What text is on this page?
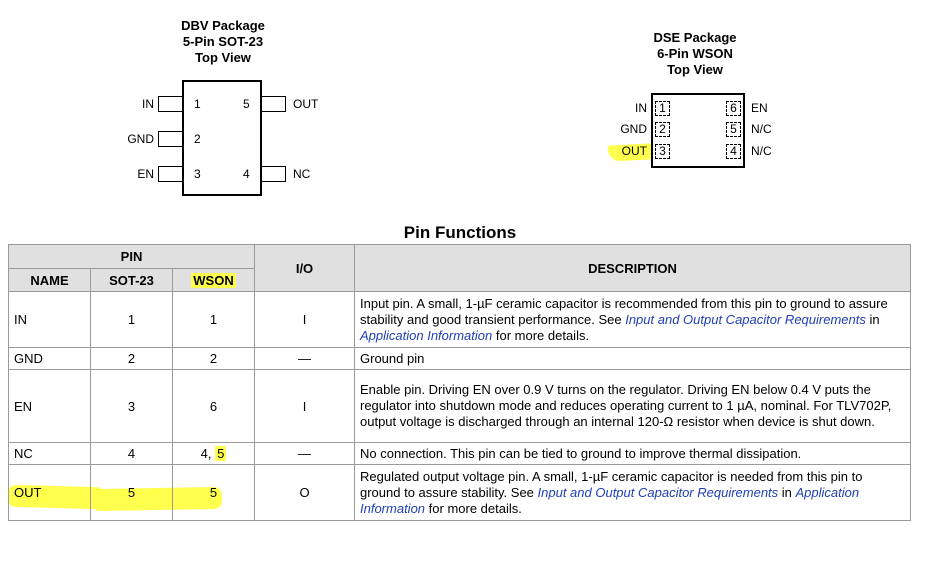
DBV Package
5-Pin SOT-23
Top View
IN
GND
EN
1
2
3
5
4
OUT
NC
DSE Package
6-Pin WSON
Top View
1
2
3
6
5
4
IN
GND
OUT
EN
N/C
N/C
Pin Functions
PIN			I/O	DESCRIPTION
NAME	SOT-23	WSON		
IN	1	1	I	Input pin. A small, 1-µF ceramic capacitor is recommended from this pin to ground to assure stability and good transient performance. See Input and Output Capacitor Requirements in Application Information for more details.
GND	2	2	—	Ground pin
EN	3	6	I	Enable pin. Driving EN over 0.9 V turns on the regulator. Driving EN below 0.4 V puts the regulator into shutdown mode and reduces operating current to 1 µA, nominal. For TLV702P, output voltage is discharged through an internal 120-Ω resistor when device is shut down.
NC	4	4, 5	—	No connection. This pin can be tied to ground to improve thermal dissipation.
OUT	5	5	O	Regulated output voltage pin. A small, 1-µF ceramic capacitor is needed from this pin to ground to assure stability. See Input and Output Capacitor Requirements in Application Information for more details.
